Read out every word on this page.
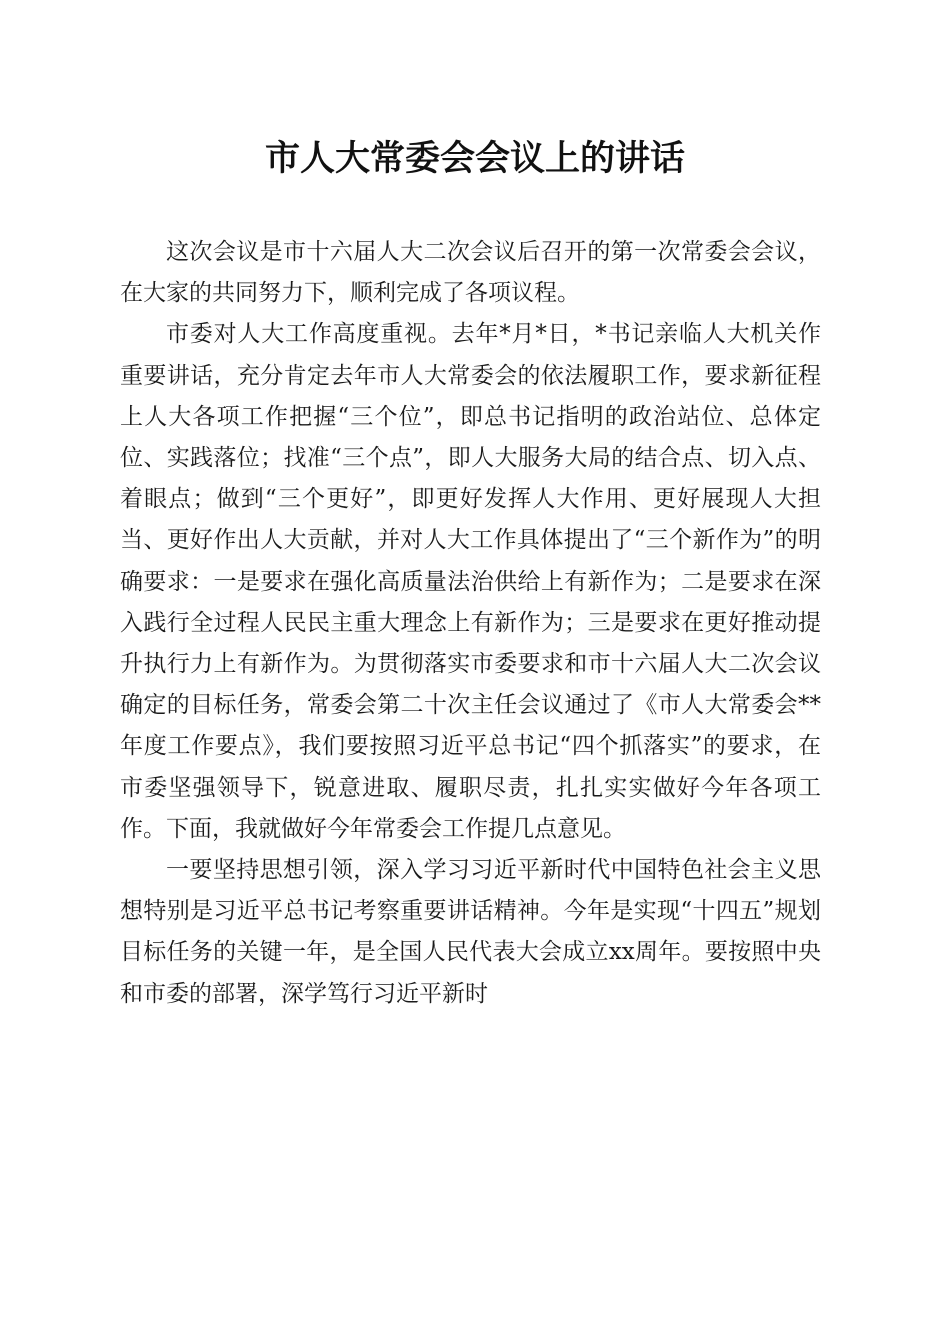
市人大常委会会议上的讲话

这次会议是市十六届人大二次会议后召开的第一次常委会会议，在大家的共同努力下，顺利完成了各项议程。

市委对人大工作高度重视。去年*月*日，*书记亲临人大机关作重要讲话，充分肯定去年市人大常委会的依法履职工作，要求新征程上人大各项工作把握“三个位”，即总书记指明的政治站位、总体定位、实践落位；找准“三个点”，即人大服务大局的结合点、切入点、着眼点；做到“三个更好”，即更好发挥人大作用、更好展现人大担当、更好作出人大贡献，并对人大工作具体提出了“三个新作为”的明确要求：一是要求在强化高质量法治供给上有新作为；二是要求在深入践行全过程人民民主重大理念上有新作为；三是要求在更好推动提升执行力上有新作为。为贯彻落实市委要求和市十六届人大二次会议确定的目标任务，常委会第二十次主任会议通过了《市人大常委会**年度工作要点》，我们要按照习近平总书记“四个抓落实”的要求，在市委坚强领导下，锐意进取、履职尽责，扎扎实实做好今年各项工作。下面，我就做好今年常委会工作提几点意见。

一要坚持思想引领，深入学习习近平新时代中国特色社会主义思想特别是习近平总书记考察重要讲话精神。今年是实现“十四五”规划目标任务的关键一年，是全国人民代表大会成立xx周年。要按照中央和市委的部署，深学笃行习近平新时
